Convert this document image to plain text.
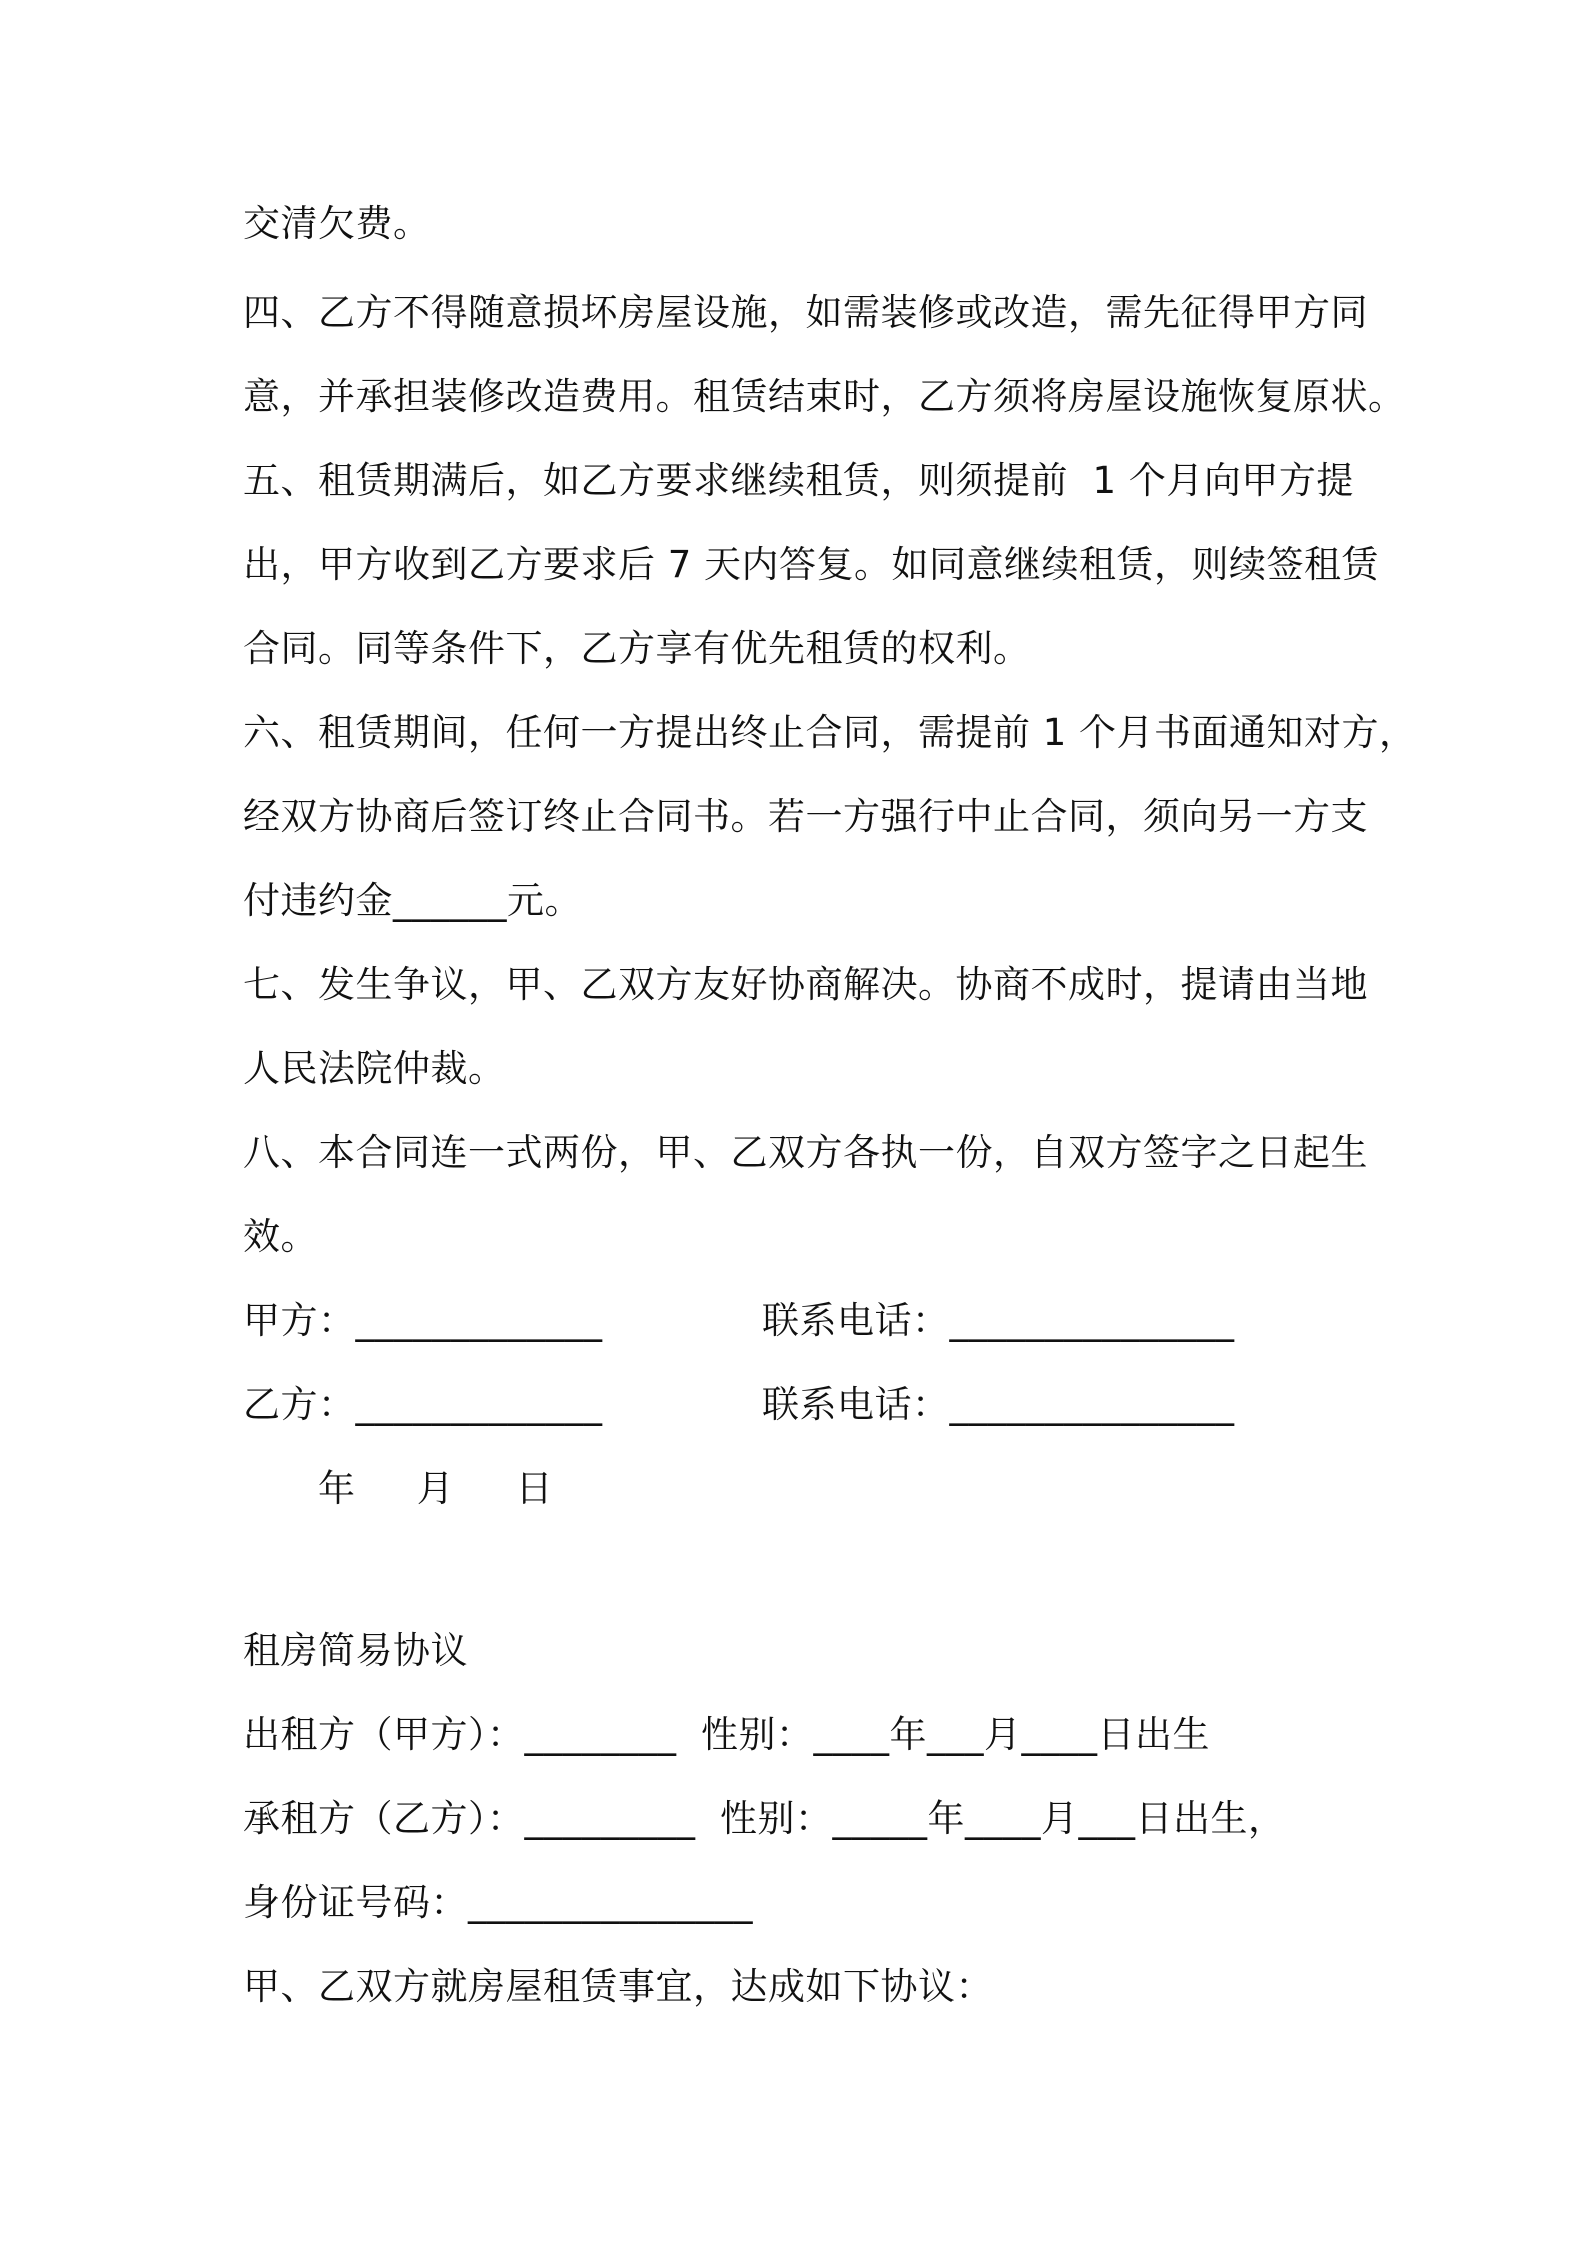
交清欠费。
四、乙方不得随意损坏房屋设施，如需装修或改造，需先征得甲方同
意，并承担装修改造费用。租赁结束时，乙方须将房屋设施恢复原状。
五、租赁期满后，如乙方要求继续租赁，则须提前  1 个月向甲方提
出，甲方收到乙方要求后 7 天内答复。如同意继续租赁，则续签租赁
合同。同等条件下，乙方享有优先租赁的权利。
六、租赁期间，任何一方提出终止合同，需提前 1 个月书面通知对方，
经双方协商后签订终止合同书。若一方强行中止合同，须向另一方支
付违约金______元。
七、发生争议，甲、乙双方友好协商解决。协商不成时，提请由当地
人民法院仲裁。
八、本合同连一式两份，甲、乙双方各执一份，自双方签字之日起生
效。
甲方：_____________	联系电话：_______________
乙方：_____________	联系电话：_______________
年     月     日
租房简易协议
出租方（甲方）：________  性别：____年___月____日出生
承租方（乙方）：_________  性别：_____年____月___日出生，
身份证号码：_______________
甲、乙双方就房屋租赁事宜，达成如下协议：
